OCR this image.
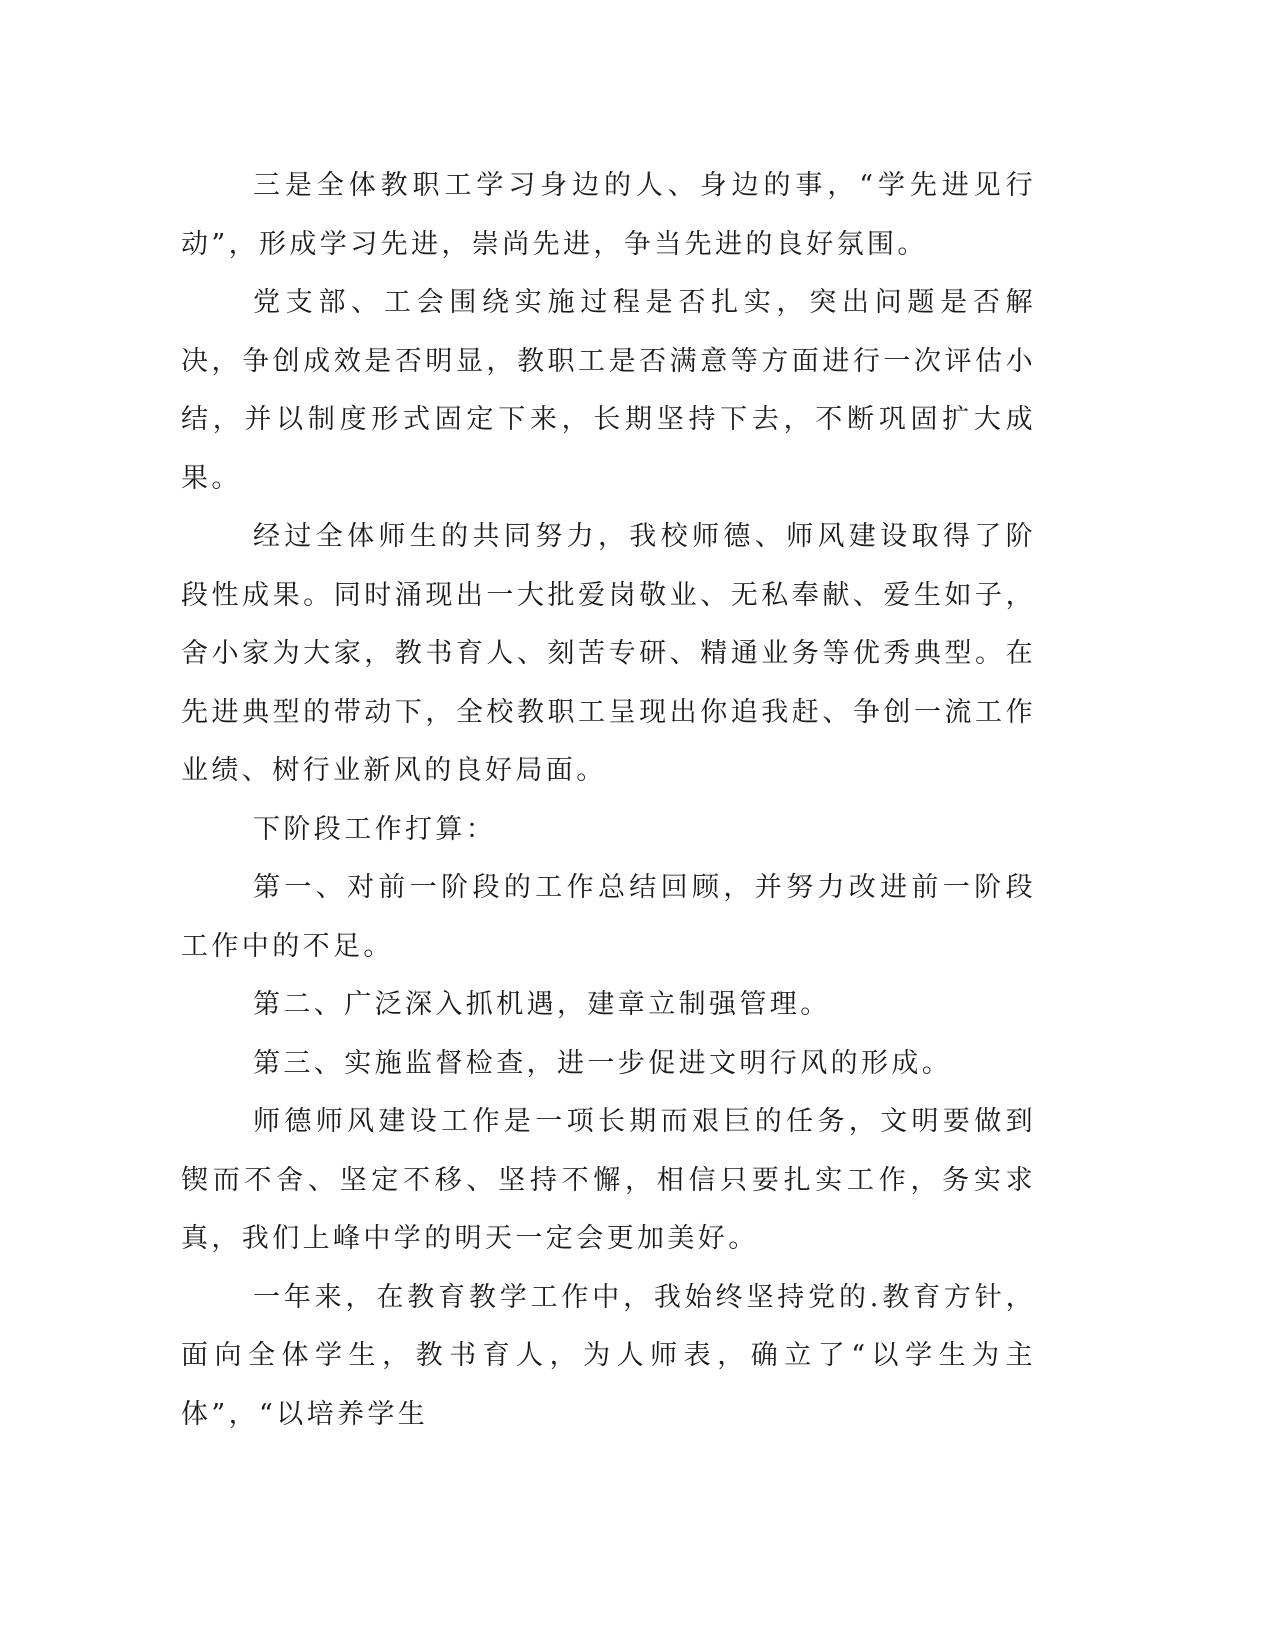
三是全体教职工学习身边的人、身边的事，“学先进见行动”，形成学习先进，崇尚先进，争当先进的良好氛围。

党支部、工会围绕实施过程是否扎实，突出问题是否解决，争创成效是否明显，教职工是否满意等方面进行一次评估小结，并以制度形式固定下来，长期坚持下去，不断巩固扩大成果。

经过全体师生的共同努力，我校师德、师风建设取得了阶段性成果。同时涌现出一大批爱岗敬业、无私奉献、爱生如子，舍小家为大家，教书育人、刻苦专研、精通业务等优秀典型。在先进典型的带动下，全校教职工呈现出你追我赶、争创一流工作业绩、树行业新风的良好局面。

下阶段工作打算：

第一、对前一阶段的工作总结回顾，并努力改进前一阶段工作中的不足。

第二、广泛深入抓机遇，建章立制强管理。

第三、实施监督检查，进一步促进文明行风的形成。

师德师风建设工作是一项长期而艰巨的任务，文明要做到锲而不舍、坚定不移、坚持不懈，相信只要扎实工作，务实求真，我们上峰中学的明天一定会更加美好。

一年来，在教育教学工作中，我始终坚持党的.教育方针，面向全体学生，教书育人，为人师表，确立了“以学生为主体”，“以培养学生
